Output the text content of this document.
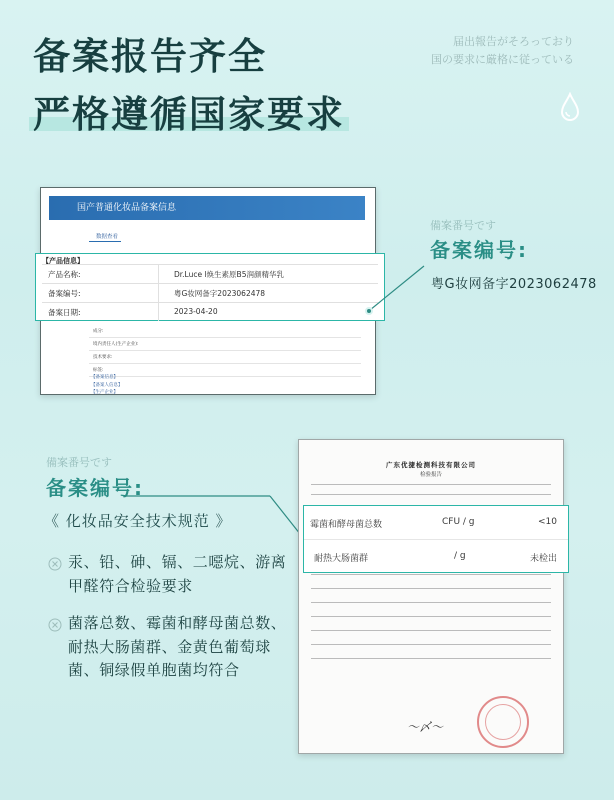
备案报告齐全
严格遵循国家要求
届出報告がそろっており
国の要求に厳格に従っている
国产普通化妆品备案信息
数据查看
成分:
境内责任人(生产企业):
技术要求:
标签:
【备案信息】
【备案人信息】
【生产企业】
【产品信息】
产品名称:	Dr.Luce l焕生素原B5润颜精华乳
备案编号:	粤G妆网备字2023062478
备案日期:	2023-04-20
備案番号です
备案编号:
粤G妆网备字2023062478
備案番号です
备案编号:
《 化妆品安全技术规范 》
汞、铅、砷、镉、二噁烷、游离甲醛符合检验要求
菌落总数、霉菌和酵母菌总数、耐热大肠菌群、金黄色葡萄球菌、铜绿假单胞菌均符合
广东优捷检测科技有限公司
检验报告
〜〆〜
霉菌和酵母菌总数	CFU / g	<10
耐热大肠菌群	/ g	未检出
